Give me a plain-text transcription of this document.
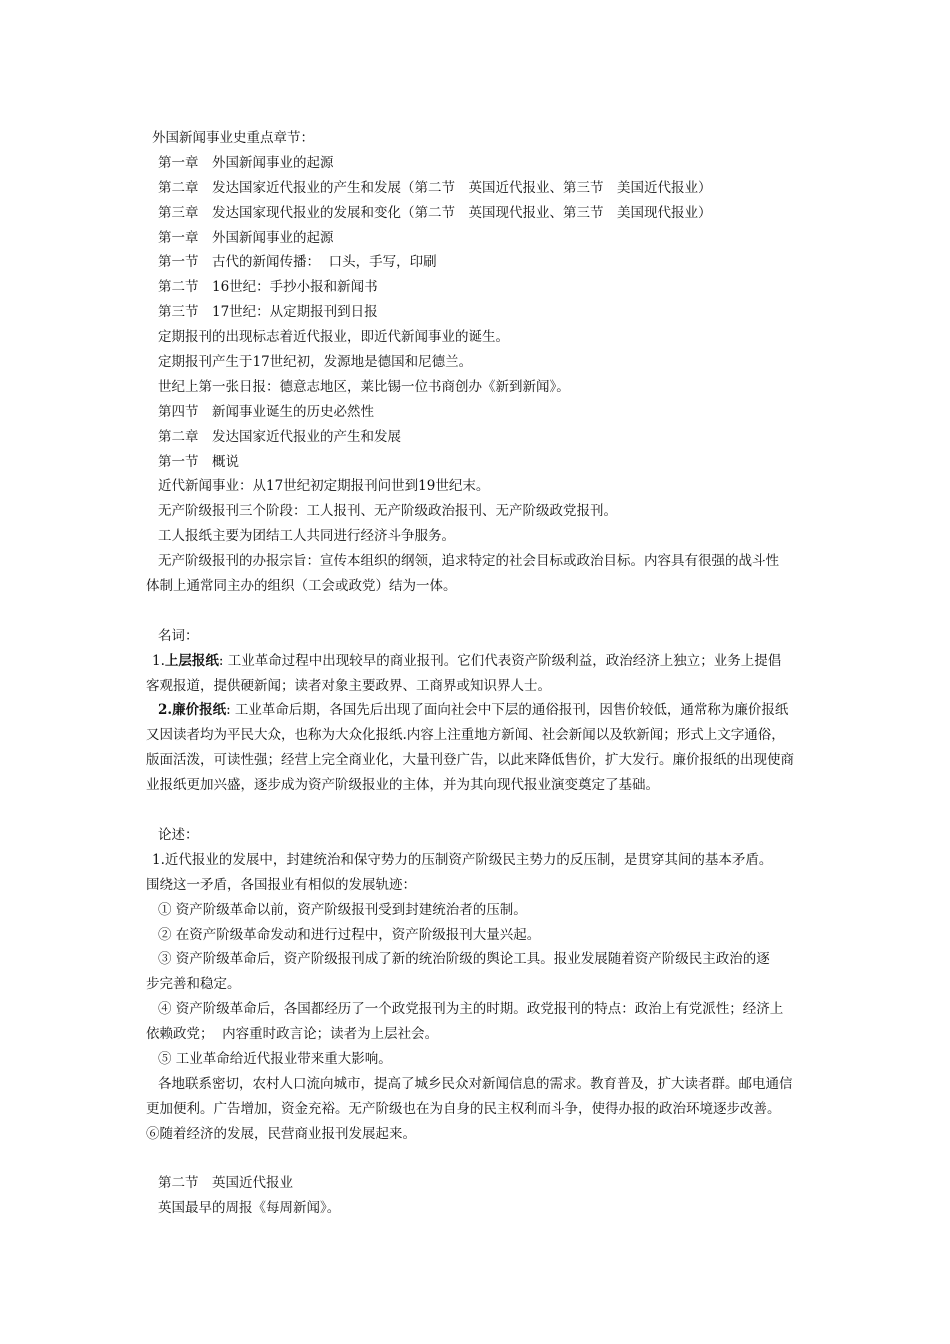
外国新闻事业史重点章节：
第一章　外国新闻事业的起源
第二章　发达国家近代报业的产生和发展（第二节　英国近代报业、第三节　美国近代报业）
第三章　发达国家现代报业的发展和变化（第二节　英国现代报业、第三节　美国现代报业）
第一章　外国新闻事业的起源
第一节　古代的新闻传播：  口头，手写，印刷
第二节　16世纪：手抄小报和新闻书
第三节　17世纪：从定期报刊到日报
定期报刊的出现标志着近代报业，即近代新闻事业的诞生。
定期报刊产生于17世纪初，发源地是德国和尼德兰。
世纪上第一张日报：德意志地区，莱比锡一位书商创办《新到新闻》。
第四节　新闻事业诞生的历史必然性
第二章　发达国家近代报业的产生和发展
第一节　概说
近代新闻事业：从17世纪初定期报刊问世到19世纪末。
无产阶级报刊三个阶段：工人报刊、无产阶级政治报刊、无产阶级政党报刊。
工人报纸主要为团结工人共同进行经济斗争服务。
无产阶级报刊的办报宗旨：宣传本组织的纲领，追求特定的社会目标或政治目标。内容具有很强的战斗性
体制上通常同主办的组织（工会或政党）结为一体。
名词：
1.上层报纸: 工业革命过程中出现较早的商业报刊。它们代表资产阶级利益，政治经济上独立；业务上提倡
客观报道，提供硬新闻；读者对象主要政界、工商界或知识界人士。
2.廉价报纸: 工业革命后期，各国先后出现了面向社会中下层的通俗报刊，因售价较低，通常称为廉价报纸
又因读者均为平民大众，也称为大众化报纸.内容上注重地方新闻、社会新闻以及软新闻；形式上文字通俗，
版面活泼，可读性强；经营上完全商业化，大量刊登广告，以此来降低售价，扩大发行。廉价报纸的出现使商
业报纸更加兴盛，逐步成为资产阶级报业的主体，并为其向现代报业演变奠定了基础。
论述：
1.近代报业的发展中，封建统治和保守势力的压制资产阶级民主势力的反压制，是贯穿其间的基本矛盾。
围绕这一矛盾，各国报业有相似的发展轨迹：
① 资产阶级革命以前，资产阶级报刊受到封建统治者的压制。
② 在资产阶级革命发动和进行过程中，资产阶级报刊大量兴起。
③ 资产阶级革命后，资产阶级报刊成了新的统治阶级的舆论工具。报业发展随着资产阶级民主政治的逐
步完善和稳定。
④ 资产阶级革命后，各国都经历了一个政党报刊为主的时期。政党报刊的特点：政治上有党派性；经济上
依赖政党；  内容重时政言论；读者为上层社会。
⑤ 工业革命给近代报业带来重大影响。
各地联系密切，农村人口流向城市，提高了城乡民众对新闻信息的需求。教育普及，扩大读者群。邮电通信
更加便利。广告增加，资金充裕。无产阶级也在为自身的民主权利而斗争，使得办报的政治环境逐步改善。
⑥随着经济的发展，民营商业报刊发展起来。
第二节　英国近代报业
英国最早的周报《每周新闻》。
